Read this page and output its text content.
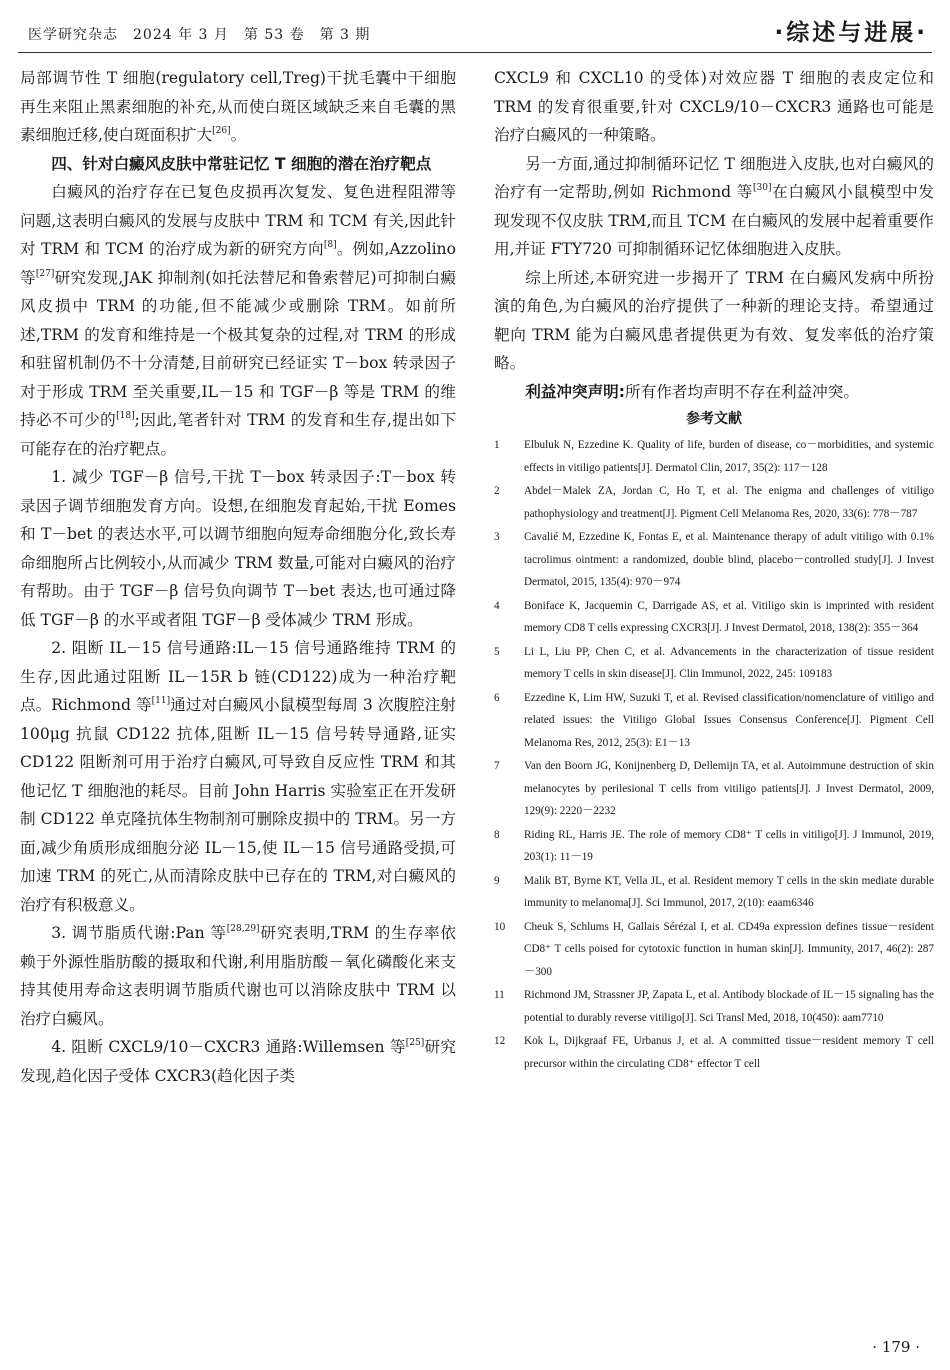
医学研究杂志　2024 年 3 月　第 53 卷　第 3 期	·综述与进展·

局部调节性 T 细胞(regulatory cell,Treg)干扰毛囊中干细胞再生来阻止黑素细胞的补充,从而使白斑区域缺乏来自毛囊的黑素细胞迁移,使白斑面积扩大[26]。

四、针对白癜风皮肤中常驻记忆 T 细胞的潜在治疗靶点

白癜风的治疗存在已复色皮损再次复发、复色进程阻滞等问题,这表明白癜风的发展与皮肤中 TRM 和 TCM 有关,因此针对 TRM 和 TCM 的治疗成为新的研究方向[8]。例如,Azzolino 等[27]研究发现,JAK 抑制剂(如托法替尼和鲁索替尼)可抑制白癜风皮损中 TRM 的功能,但不能减少或删除 TRM。如前所述,TRM 的发育和维持是一个极其复杂的过程,对 TRM 的形成和驻留机制仍不十分清楚,目前研究已经证实 T－box 转录因子对于形成 TRM 至关重要,IL－15 和 TGF－β 等是 TRM 的维持必不可少的[18];因此,笔者针对 TRM 的发育和生存,提出如下可能存在的治疗靶点。

1. 减少 TGF－β 信号,干扰 T－box 转录因子:T－box 转录因子调节细胞发育方向。设想,在细胞发育起始,干扰 Eomes 和 T－bet 的表达水平,可以调节细胞向短寿命细胞分化,致长寿命细胞所占比例较小,从而减少 TRM 数量,可能对白癜风的治疗有帮助。由于 TGF－β 信号负向调节 T－bet 表达,也可通过降低 TGF－β 的水平或者阻 TGF－β 受体减少 TRM 形成。

2. 阻断 IL－15 信号通路:IL－15 信号通路维持 TRM 的生存,因此通过阻断 IL－15R b 链(CD122)成为一种治疗靶点。Richmond 等[11]通过对白癜风小鼠模型每周 3 次腹腔注射 100μg 抗鼠 CD122 抗体,阻断 IL－15 信号转导通路,证实 CD122 阻断剂可用于治疗白癜风,可导致自反应性 TRM 和其他记忆 T 细胞池的耗尽。目前 John Harris 实验室正在开发研制 CD122 单克隆抗体生物制剂可删除皮损中的 TRM。另一方面,减少角质形成细胞分泌 IL－15,使 IL－15 信号通路受损,可加速 TRM 的死亡,从而清除皮肤中已存在的 TRM,对白癜风的治疗有积极意义。

3. 调节脂质代谢:Pan 等[28,29]研究表明,TRM 的生存率依赖于外源性脂肪酸的摄取和代谢,利用脂肪酸－氧化磷酸化来支持其使用寿命这表明调节脂质代谢也可以消除皮肤中 TRM 以治疗白癜风。

4. 阻断 CXCL9/10－CXCR3 通路:Willemsen 等[25]研究发现,趋化因子受体 CXCR3(趋化因子类

CXCL9 和 CXCL10 的受体)对效应器 T 细胞的表皮定位和 TRM 的发育很重要,针对 CXCL9/10－CXCR3 通路也可能是治疗白癜风的一种策略。

另一方面,通过抑制循环记忆 T 细胞进入皮肤,也对白癜风的治疗有一定帮助,例如 Richmond 等[30]在白癜风小鼠模型中发现发现不仅皮肤 TRM,而且 TCM 在白癜风的发展中起着重要作用,并证 FTY720 可抑制循环记忆体细胞进入皮肤。

综上所述,本研究进一步揭开了 TRM 在白癜风发病中所扮演的角色,为白癜风的治疗提供了一种新的理论支持。希望通过靶向 TRM 能为白癜风患者提供更为有效、复发率低的治疗策略。

利益冲突声明:所有作者均声明不存在利益冲突。

参考文献
1	Elbuluk N, Ezzedine K. Quality of life, burden of disease, co－morbidities, and systemic effects in vitiligo patients[J]. Dermatol Clin, 2017, 35(2): 117－128
2	Abdel－Malek ZA, Jordan C, Ho T, et al. The enigma and challenges of vitiligo pathophysiology and treatment[J]. Pigment Cell Melanoma Res, 2020, 33(6): 778－787
3	Cavalié M, Ezzedine K, Fontas E, et al. Maintenance therapy of adult vitiligo with 0.1% tacrolimus ointment: a randomized, double blind, placebo－controlled study[J]. J Invest Dermatol, 2015, 135(4): 970－974
4	Boniface K, Jacquemin C, Darrigade AS, et al. Vitiligo skin is imprinted with resident memory CD8 T cells expressing CXCR3[J]. J Invest Dermatol, 2018, 138(2): 355－364
5	Li L, Liu PP, Chen C, et al. Advancements in the characterization of tissue resident memory T cells in skin disease[J]. Clin Immunol, 2022, 245: 109183
6	Ezzedine K, Lim HW, Suzuki T, et al. Revised classification/nomenclature of vitiligo and related issues: the Vitiligo Global Issues Consensus Conference[J]. Pigment Cell Melanoma Res, 2012, 25(3): E1－13
7	Van den Boorn JG, Konijnenberg D, Dellemijn TA, et al. Autoimmune destruction of skin melanocytes by perilesional T cells from vitiligo patients[J]. J Invest Dermatol, 2009, 129(9): 2220－2232
8	Riding RL, Harris JE. The role of memory CD8⁺ T cells in vitiligo[J]. J Immunol, 2019, 203(1): 11－19
9	Malik BT, Byrne KT, Vella JL, et al. Resident memory T cells in the skin mediate durable immunity to melanoma[J]. Sci Immunol, 2017, 2(10): eaam6346
10	Cheuk S, Schlums H, Gallais Sérézal I, et al. CD49a expression defines tissue－resident CD8⁺ T cells poised for cytotoxic function in human skin[J]. Immunity, 2017, 46(2): 287－300
11	Richmond JM, Strassner JP, Zapata L, et al. Antibody blockade of IL－15 signaling has the potential to durably reverse vitiligo[J]. Sci Transl Med, 2018, 10(450): aam7710
12	Kok L, Dijkgraaf FE, Urbanus J, et al. A committed tissue－resident memory T cell precursor within the circulating CD8⁺ effector T cell
· 179 ·
